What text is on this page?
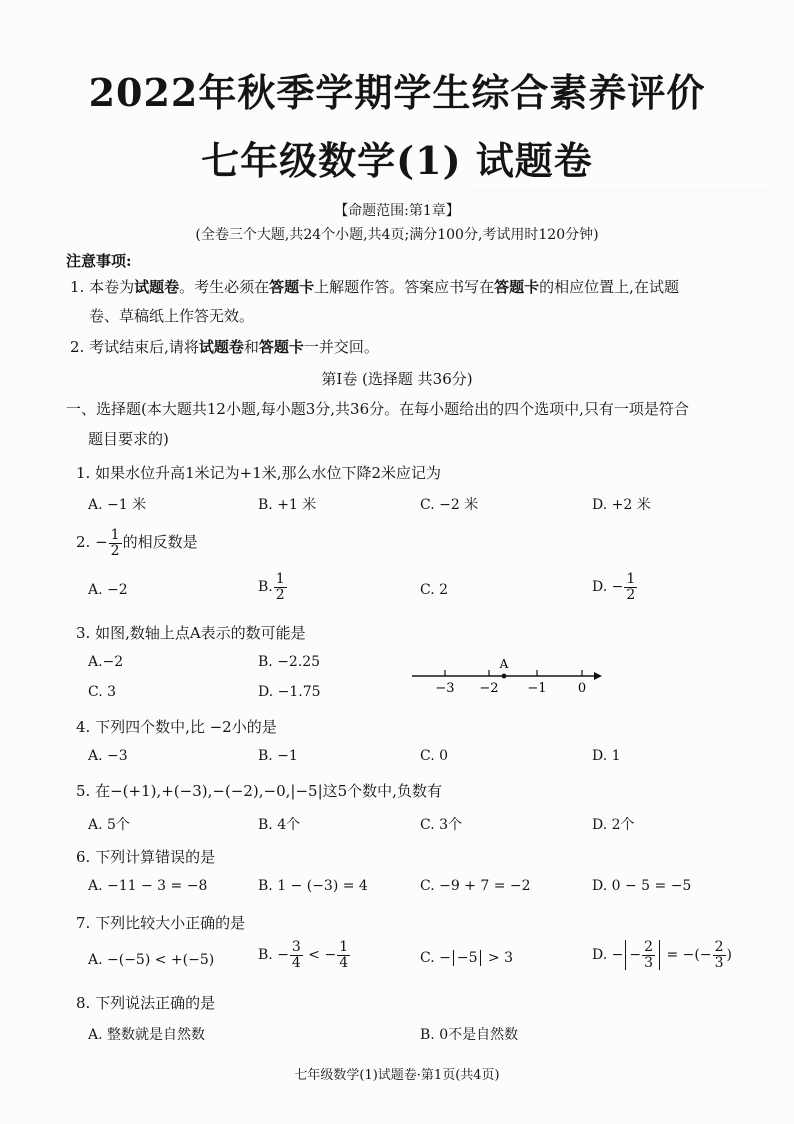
2022年秋季学期学生综合素养评价
七年级数学(1) 试题卷
【命题范围:第1章】
(全卷三个大题,共24个小题,共4页;满分100分,考试用时120分钟)
注意事项:
1. 本卷为试题卷。考生必须在答题卡上解题作答。答案应书写在答题卡的相应位置上,在试题
卷、草稿纸上作答无效。
2. 考试结束后,请将试题卷和答题卡一并交回。
第Ⅰ卷 (选择题 共36分)
一、选择题(本大题共12小题,每小题3分,共36分。在每小题给出的四个选项中,只有一项是符合
题目要求的)
1. 如果水位升高1米记为+1米,那么水位下降2米应记为
A. −1 米	B. +1 米	C. −2 米	D. +2 米
2. − $\frac{1}{2}$ 的相反数是
A. −2	B. $\frac{1}{2}$	C. 2	D. − $\frac{1}{2}$
3. 如图,数轴上点A表示的数可能是
A.−2	B. −2.25
C. 3	D. −1.75
A
−3 −2 −1 0
4. 下列四个数中,比 −2小的是
A. −3	B. −1	C. 0	D. 1
5. 在−(+1),+(−3),−(−2),−0,|−5|这5个数中,负数有
A. 5个	B. 4个	C. 3个	D. 2个
6. 下列计算错误的是
A. −11 − 3 = −8	B. 1 − (−3) = 4	C. −9 + 7 = −2	D. 0 − 5 = −5
7. 下列比较大小正确的是
A. −(−5) < +(−5)	B. − $\frac{3}{4}$ < − $\frac{1}{4}$	C. − −5 > 3	D. − − $\frac{2}{3}$ = −(− $\frac{2}{3}$ )
8. 下列说法正确的是
A. 整数就是自然数	B. 0不是自然数
七年级数学(1)试题卷·第1页(共4页)
